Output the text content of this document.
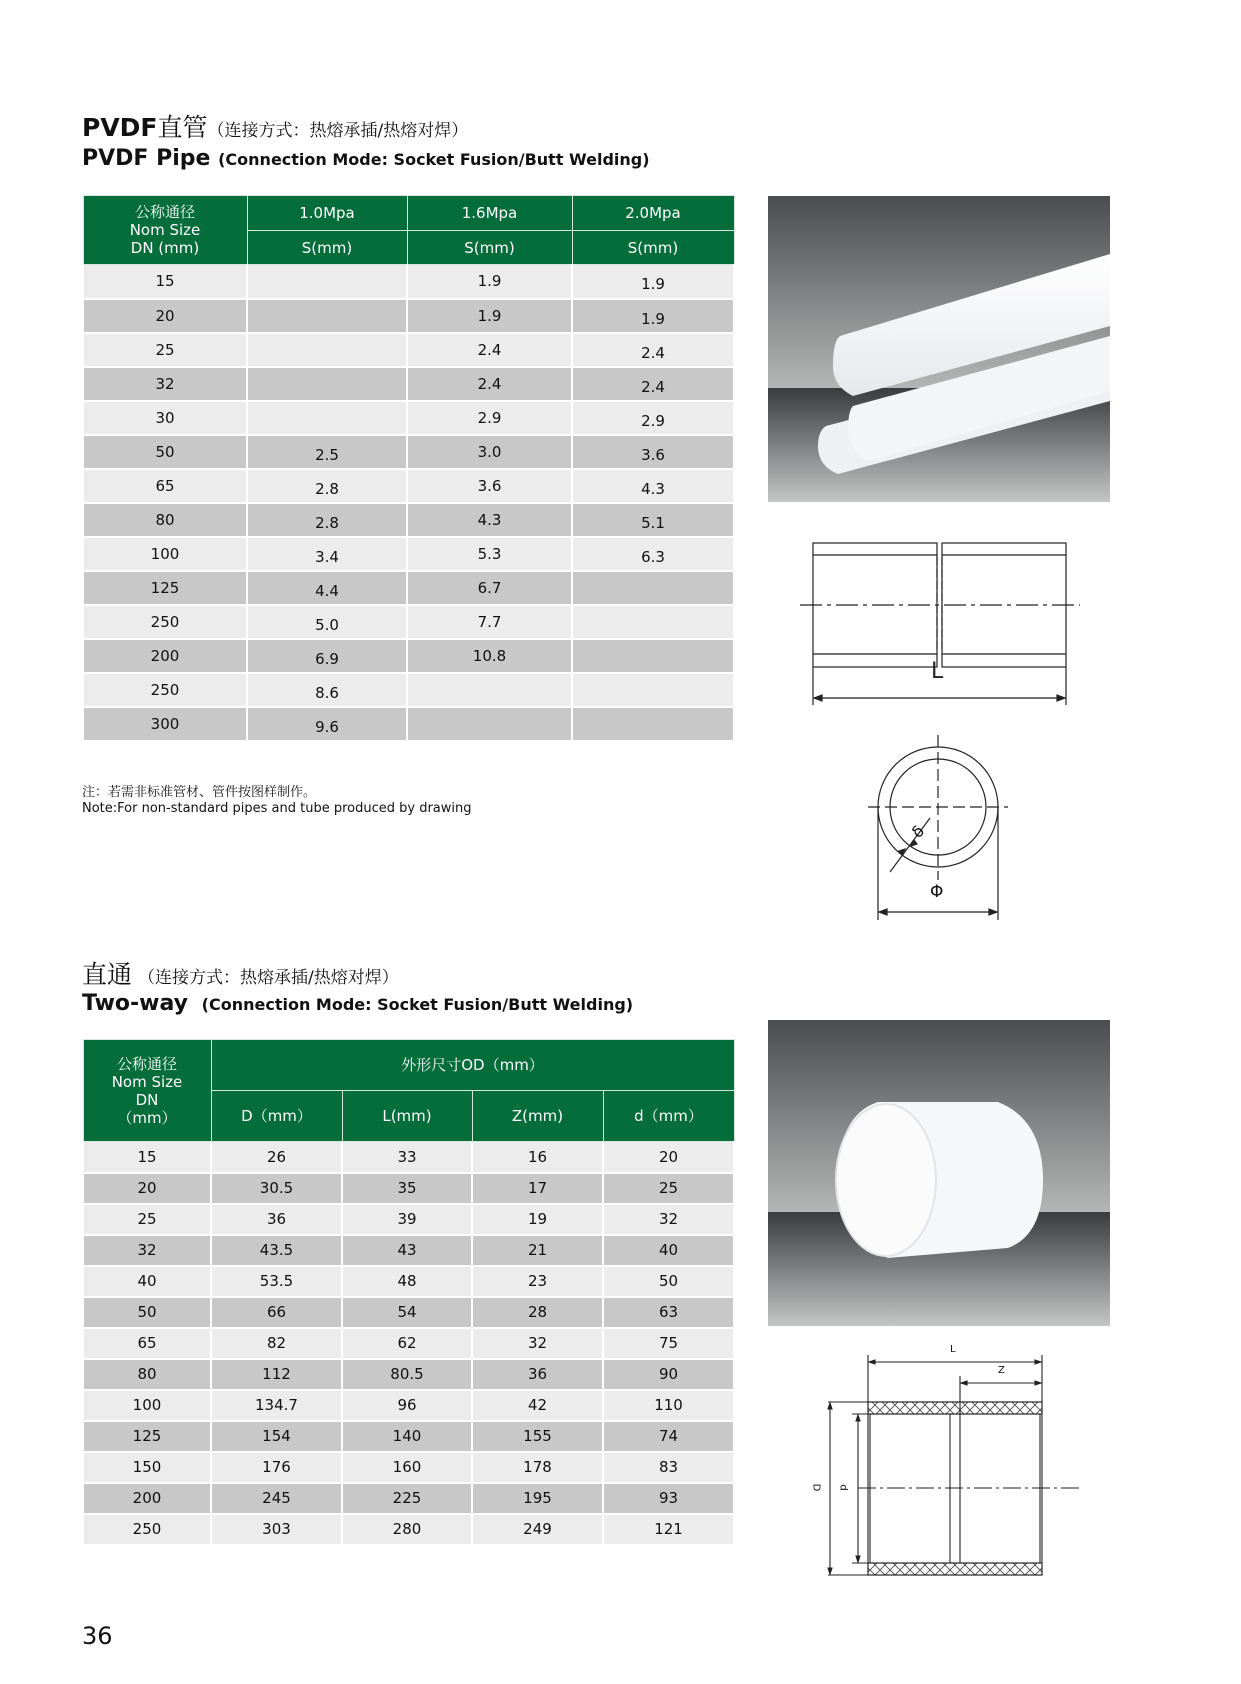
PVDF直管（连接方式：热熔承插/热熔对焊）
PVDF Pipe (Connection Mode: Socket Fusion/Butt Welding)
公称通径
Nom Size
DN (mm)	1.0Mpa	1.6Mpa	2.0Mpa
	S(mm)	S(mm)	S(mm)
15		1.9	1.9
20		1.9	1.9
25		2.4	2.4
32		2.4	2.4
30		2.9	2.9
50	2.5	3.0	3.6
65	2.8	3.6	4.3
80	2.8	4.3	5.1
100	3.4	5.3	6.3
125	4.4	6.7	
250	5.0	7.7	
200	6.9	10.8	
250	8.6		
300	9.6		
注：若需非标准管材、管件按图样制作。
Note:For non-standard pipes and tube produced by drawing
L
δ
Φ
直通 （连接方式：热熔承插/热熔对焊）
Two-way (Connection Mode: Socket Fusion/Butt Welding)
公称通径
Nom Size
DN
（mm）	外形尺寸OD（mm）			
	D（mm）	L(mm)	Z(mm)	d（mm）
15	26	33	16	20
20	30.5	35	17	25
25	36	39	19	32
32	43.5	43	21	40
40	53.5	48	23	50
50	66	54	28	63
65	82	62	32	75
80	112	80.5	36	90
100	134.7	96	42	110
125	154	140	155	74
150	176	160	178	83
200	245	225	195	93
250	303	280	249	121
L
Z
D d
36
